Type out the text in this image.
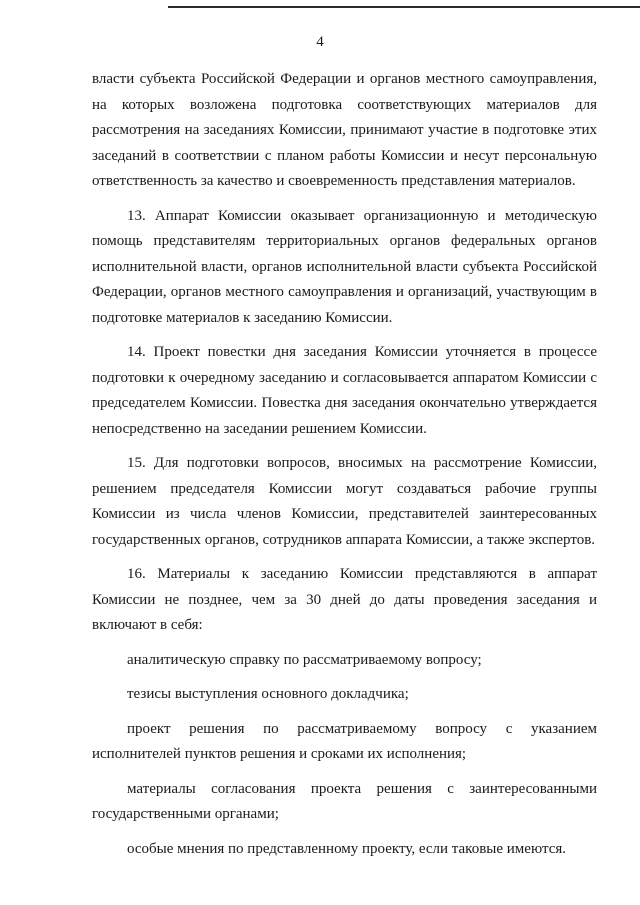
4

власти субъекта Российской Федерации и органов местного самоуправления, на которых возложена подготовка соответствующих материалов для рассмотрения на заседаниях Комиссии, принимают участие в подготовке этих заседаний в соответствии с планом работы Комиссии и несут персональную ответственность за качество и своевременность представления материалов.

13. Аппарат Комиссии оказывает организационную и методическую помощь представителям территориальных органов федеральных органов исполнительной власти, органов исполнительной власти субъекта Российской Федерации, органов местного самоуправления и организаций, участвующим в подготовке материалов к заседанию Комиссии.

14. Проект повестки дня заседания Комиссии уточняется в процессе подготовки к очередному заседанию и согласовывается аппаратом Комиссии с председателем Комиссии. Повестка дня заседания окончательно утверждается непосредственно на заседании решением Комиссии.

15. Для подготовки вопросов, вносимых на рассмотрение Комиссии, решением председателя Комиссии могут создаваться рабочие группы Комиссии из числа членов Комиссии, представителей заинтересованных государственных органов, сотрудников аппарата Комиссии, а также экспертов.

16. Материалы к заседанию Комиссии представляются в аппарат Комиссии не позднее, чем за 30 дней до даты проведения заседания и включают в себя:

аналитическую справку по рассматриваемому вопросу;

тезисы выступления основного докладчика;

проект решения по рассматриваемому вопросу с указанием исполнителей пунктов решения и сроками их исполнения;

материалы согласования проекта решения с заинтересованными государственными органами;

особые мнения по представленному проекту, если таковые имеются.
